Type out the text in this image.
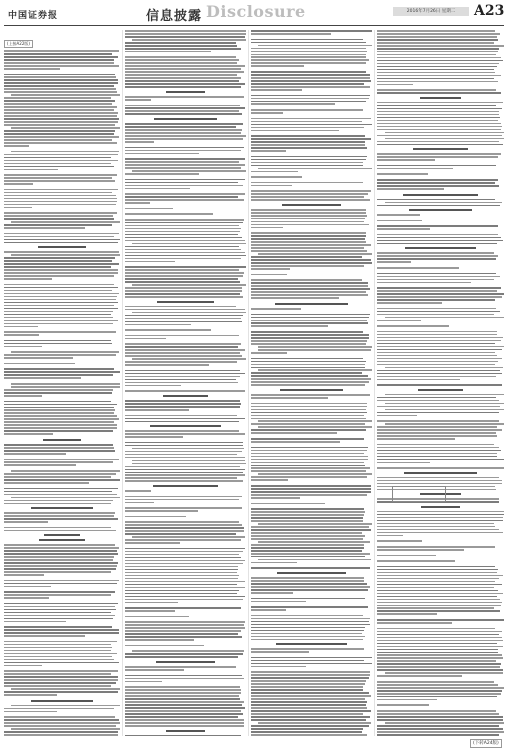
中国证券报	信息披露 Disclosure	2016年7月26日 星期二	A23
(上接A22版)
(下转A24版)
